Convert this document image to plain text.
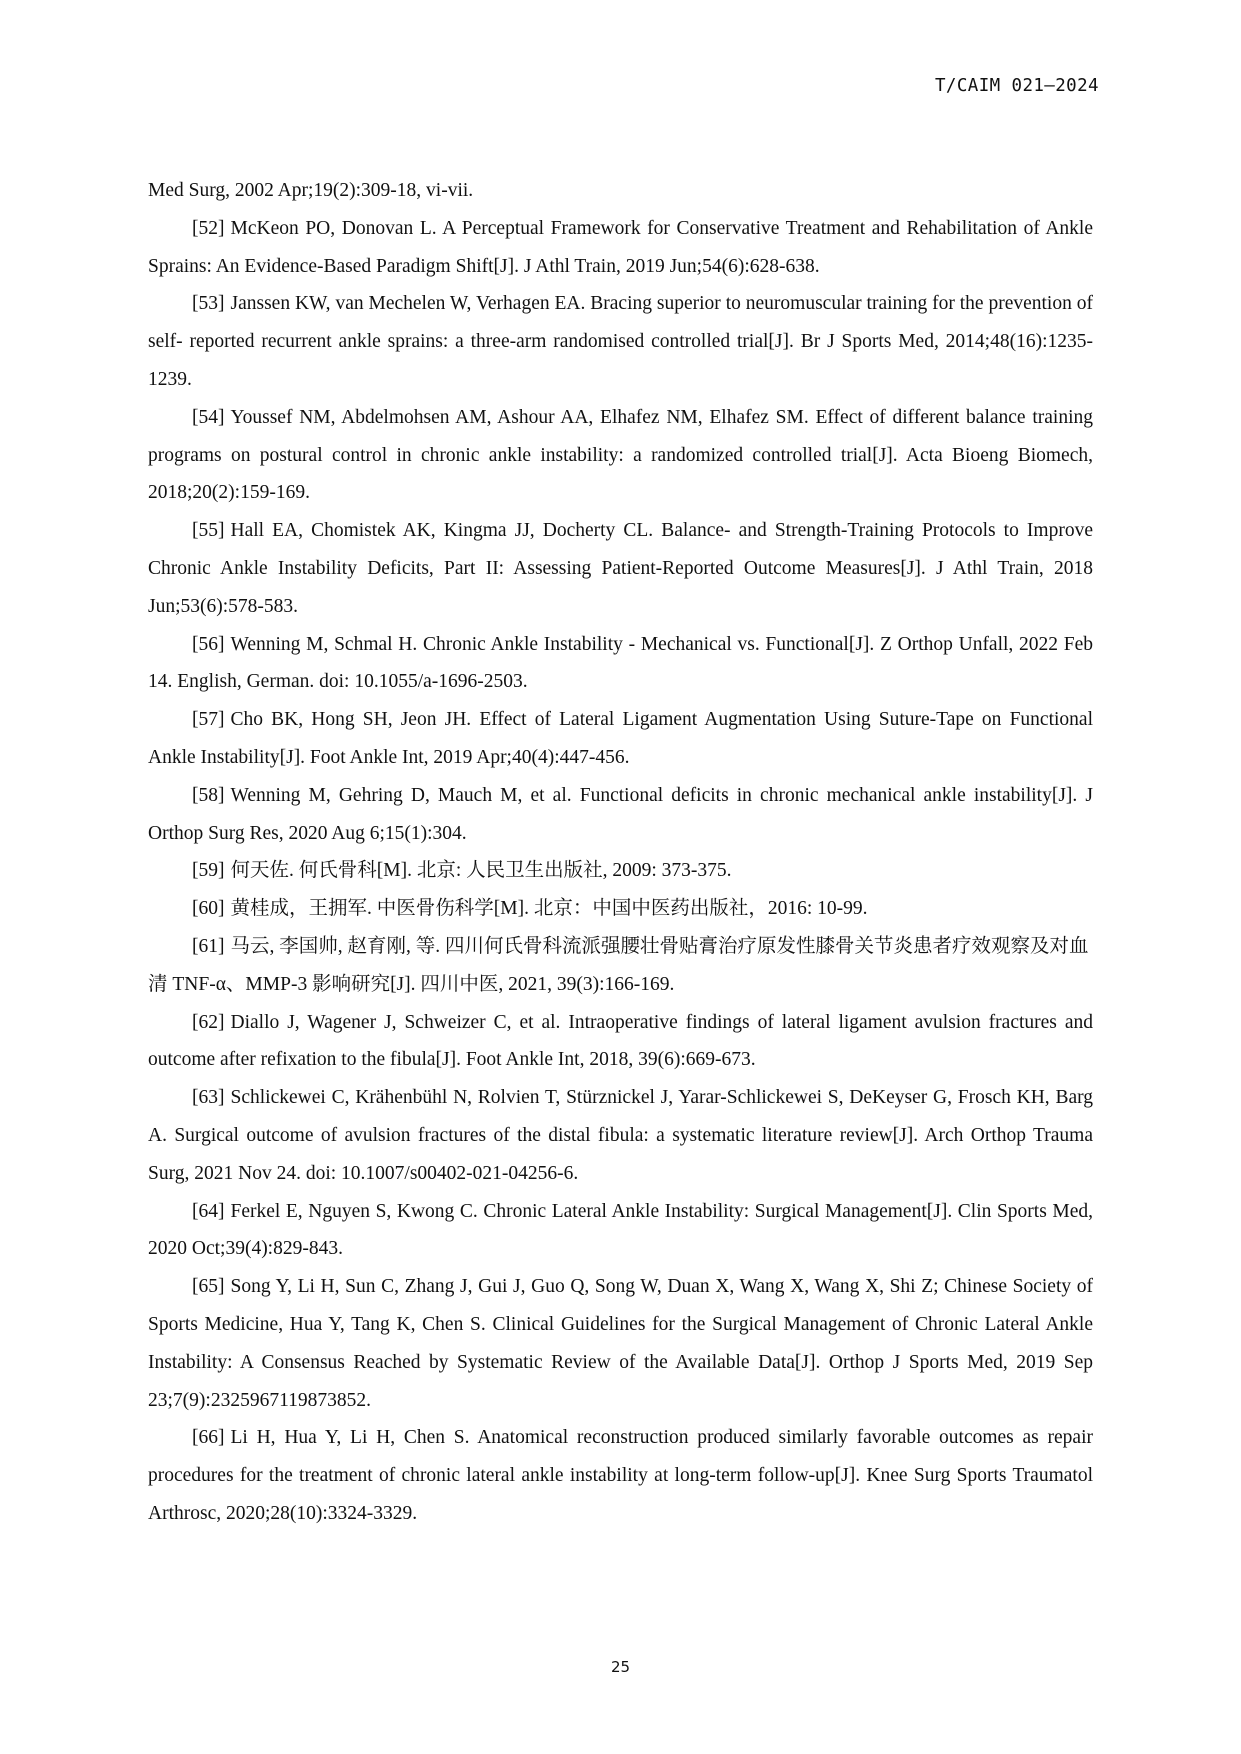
T/CAIM 021—2024

Med Surg, 2002 Apr;19(2):309-18, vi-vii.

[52] McKeon PO, Donovan L. A Perceptual Framework for Conservative Treatment and Rehabilitation of Ankle Sprains: An Evidence-Based Paradigm Shift[J]. J Athl Train, 2019 Jun;54(6):628-638.

[53] Janssen KW, van Mechelen W, Verhagen EA. Bracing superior to neuromuscular training for the prevention of self- reported recurrent ankle sprains: a three-arm randomised controlled trial[J]. Br J Sports Med, 2014;48(16):1235-1239.

[54] Youssef NM, Abdelmohsen AM, Ashour AA, Elhafez NM, Elhafez SM. Effect of different balance training programs on postural control in chronic ankle instability: a randomized controlled trial[J]. Acta Bioeng Biomech, 2018;20(2):159-169.

[55] Hall EA, Chomistek AK, Kingma JJ, Docherty CL. Balance- and Strength-Training Protocols to Improve Chronic Ankle Instability Deficits, Part II: Assessing Patient-Reported Outcome Measures[J]. J Athl Train, 2018 Jun;53(6):578-583.

[56] Wenning M, Schmal H. Chronic Ankle Instability - Mechanical vs. Functional[J]. Z Orthop Unfall, 2022 Feb 14. English, German. doi: 10.1055/a-1696-2503.

[57] Cho BK, Hong SH, Jeon JH. Effect of Lateral Ligament Augmentation Using Suture-Tape on Functional Ankle Instability[J]. Foot Ankle Int, 2019 Apr;40(4):447-456.

[58] Wenning M, Gehring D, Mauch M, et al. Functional deficits in chronic mechanical ankle instability[J]. J Orthop Surg Res, 2020 Aug 6;15(1):304.

[59] 何天佐. 何氏骨科[M]. 北京: 人民卫生出版社, 2009: 373-375.

[60] 黄桂成，王拥军. 中医骨伤科学[M]. 北京：中国中医药出版社，2016: 10-99.

[61] 马云, 李国帅, 赵育刚, 等. 四川何氏骨科流派强腰壮骨贴膏治疗原发性膝骨关节炎患者疗效观察及对血清 TNF-α、MMP-3 影响研究[J]. 四川中医, 2021, 39(3):166-169.

[62] Diallo J, Wagener J, Schweizer C, et al. Intraoperative findings of lateral ligament avulsion fractures and outcome after refixation to the fibula[J]. Foot Ankle Int, 2018, 39(6):669-673.

[63] Schlickewei C, Krähenbühl N, Rolvien T, Stürznickel J, Yarar-Schlickewei S, DeKeyser G, Frosch KH, Barg A. Surgical outcome of avulsion fractures of the distal fibula: a systematic literature review[J]. Arch Orthop Trauma Surg, 2021 Nov 24. doi: 10.1007/s00402-021-04256-6.

[64] Ferkel E, Nguyen S, Kwong C. Chronic Lateral Ankle Instability: Surgical Management[J]. Clin Sports Med, 2020 Oct;39(4):829-843.

[65] Song Y, Li H, Sun C, Zhang J, Gui J, Guo Q, Song W, Duan X, Wang X, Wang X, Shi Z; Chinese Society of Sports Medicine, Hua Y, Tang K, Chen S. Clinical Guidelines for the Surgical Management of Chronic Lateral Ankle Instability: A Consensus Reached by Systematic Review of the Available Data[J]. Orthop J Sports Med, 2019 Sep 23;7(9):2325967119873852.

[66] Li H, Hua Y, Li H, Chen S. Anatomical reconstruction produced similarly favorable outcomes as repair procedures for the treatment of chronic lateral ankle instability at long-term follow-up[J]. Knee Surg Sports Traumatol Arthrosc, 2020;28(10):3324-3329.

25
